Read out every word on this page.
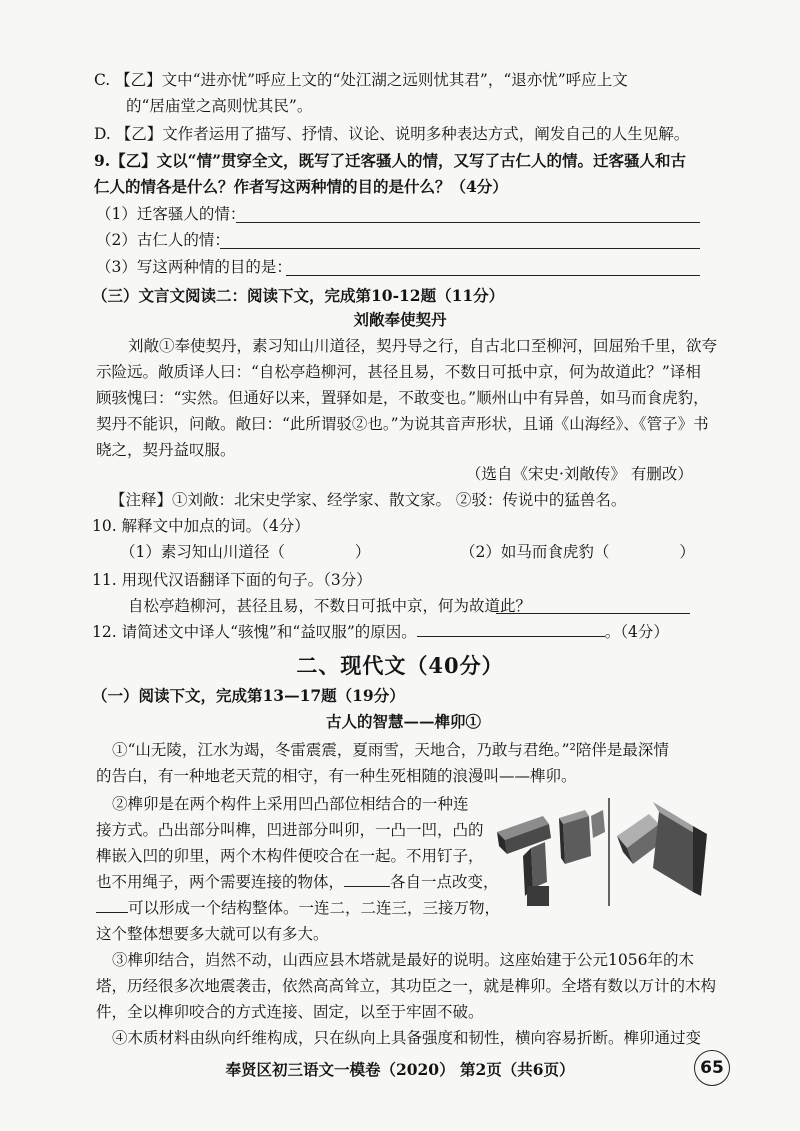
C. 【乙】文中“进亦忧”呼应上文的“处江湖之远则忧其君”，“退亦忧”呼应上文
的“居庙堂之高则忧其民”。
D. 【乙】文作者运用了描写、抒情、议论、说明多种表达方式，阐发自己的人生见解。
9.【乙】文以“情”贯穿全文，既写了迁客骚人的情，又写了古仁人的情。迁客骚人和古
仁人的情各是什么？作者写这两种情的目的是什么？（4分）
（1）迁客骚人的情：
（2）古仁人的情：
（3）写这两种情的目的是：
（三）文言文阅读二：阅读下文，完成第10-12题（11分）
刘敞奉使契丹
刘敞①奉使契丹，素习知山川道径，契丹导之行，自古北口至柳河，回屈殆千里，欲夸
示险远。敞质译人曰：“自松亭趋柳河，甚径且易，不数日可抵中京，何为故道此？”译相
顾骇愧曰：“实然。但通好以来，置驿如是，不敢变也。”顺州山中有异兽，如马而食虎豹，
契丹不能识，问敞。敞曰：“此所谓驳②也。”为说其音声形状，且诵《山海经》、《管子》书
晓之，契丹益叹服。
（选自《宋史·刘敞传》 有删改）
【注释】①刘敞：北宋史学家、经学家、散文家。 ②驳：传说中的猛兽名。
10. 解释文中加点的词。（4分）
（1）素习知山川道径（	）	（2）如马而食虎豹（	）
11. 用现代汉语翻译下面的句子。（3分）
自松亭趋柳河，甚径且易，不数日可抵中京，何为故道此？
12. 请简述文中译人“骇愧”和“益叹服”的原因。	。（4分）
二、现代文（40分）
（一）阅读下文，完成第13—17题（19分）
古人的智慧——榫卯①
①“山无陵，江水为竭，冬雷震震，夏雨雪，天地合，乃敢与君绝。”²陪伴是最深情
的告白，有一种地老天荒的相守，有一种生死相随的浪漫叫——榫卯。
②榫卯是在两个构件上采用凹凸部位相结合的一种连
接方式。凸出部分叫榫，凹进部分叫卯，一凸一凹，凸的
榫嵌入凹的卯里，两个木构件便咬合在一起。不用钉子，
也不用绳子，两个需要连接的物体，	各自一点改变，
可以形成一个结构整体。一连二，二连三，三接万物，
这个整体想要多大就可以有多大。
③榫卯结合，岿然不动，山西应县木塔就是最好的说明。这座始建于公元1056年的木
塔，历经很多次地震袭击，依然高高耸立，其功臣之一，就是榫卯。全塔有数以万计的木构
件，全以榫卯咬合的方式连接、固定，以至于牢固不破。
④木质材料由纵向纤维构成，只在纵向上具备强度和韧性，横向容易折断。榫卯通过变
奉贤区初三语文一模卷（2020） 第2页（共6页）	65
